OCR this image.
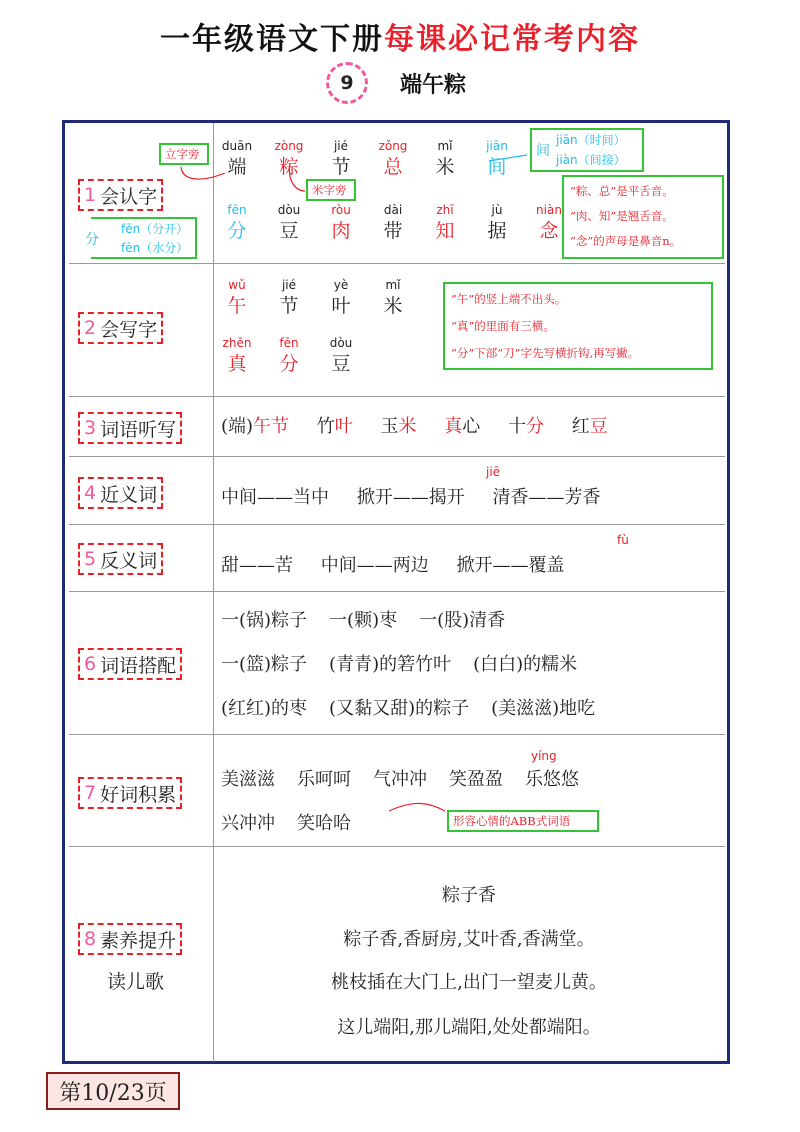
一年级语文下册每课必记常考内容
9	端午粽
1 会认字
duān
端
zòng
粽
jié
节
zǒng
总
mǐ
米
jiān
间
fēn
分
dòu
豆
ròu
肉
dài
带
zhī
知
jù
据
niàn
念
立字旁
米字旁
间
jiān（时间）
jiàn（间接）
分
fēn（分开）
fèn（水分）
“粽、总”是平舌音。
“肉、知”是翘舌音。
“念”的声母是鼻音n。
2 会写字
wǔ
午
jié
节
yè
叶
mǐ
米
zhēn
真
fēn
分
dòu
豆
“午”的竖上端不出头。
“真”的里面有三横。
“分”下部“刀”字先写横折钩,再写撇。
3 词语听写 (端)午节 竹叶 玉米 真心 十分 红豆
4 近义词
jiē
中间——当中 掀开——揭开 清香——芳香
5 反义词
fù
甜——苦 中间——两边 掀开——覆盖
6 词语搭配
一(锅)粽子 一(颗)枣 一(股)清香
一(篮)粽子 (青青)的箬竹叶 (白白)的糯米
(红红)的枣 (又黏又甜)的粽子 (美滋滋)地吃
7 好词积累
yíng
美滋滋 乐呵呵 气冲冲 笑盈盈 乐悠悠
兴冲冲 笑哈哈	形容心情的ABB式词语
8 素养提升
读儿歌
粽子香
粽子香,香厨房,艾叶香,香满堂。
桃枝插在大门上,出门一望麦儿黄。
这儿端阳,那儿端阳,处处都端阳。
第10/23页
